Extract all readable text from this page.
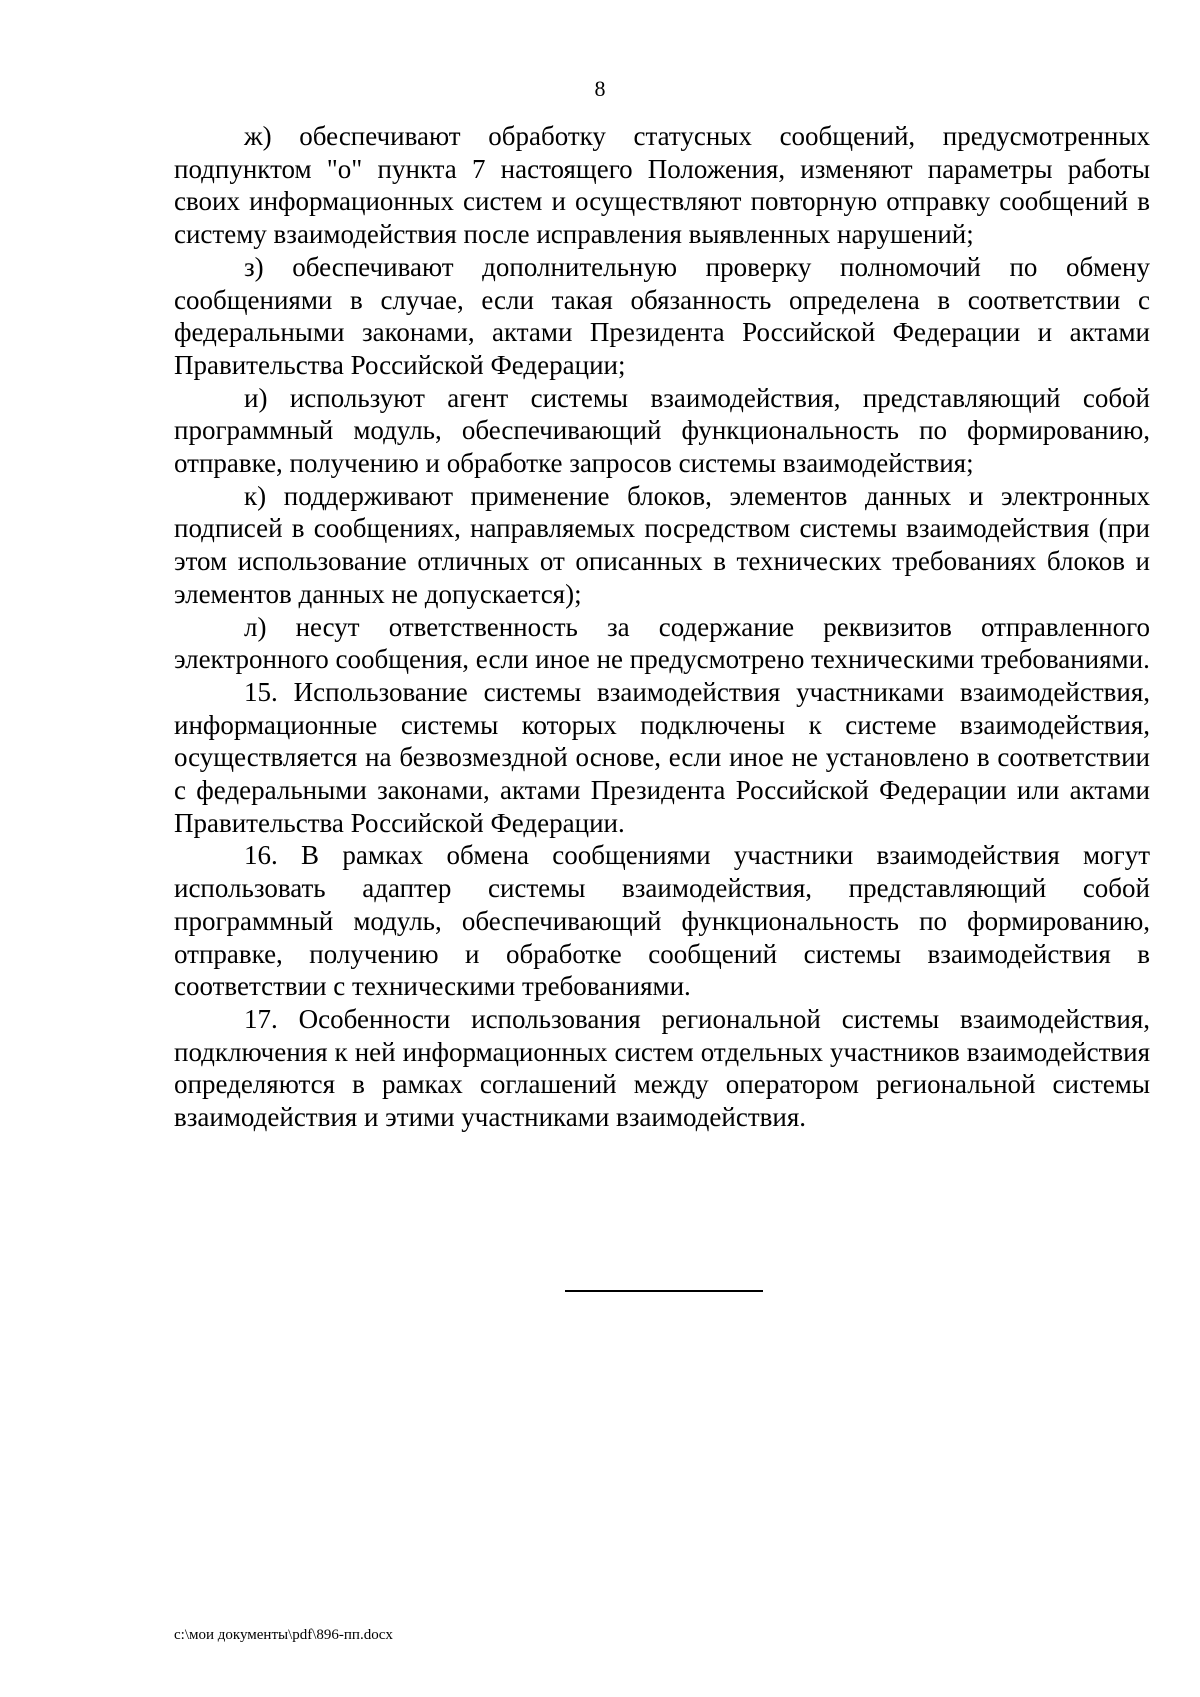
8

ж) обеспечивают обработку статусных сообщений, предусмотренных подпунктом "о" пункта 7 настоящего Положения, изменяют параметры работы своих информационных систем и осуществляют повторную отправку сообщений в систему взаимодействия после исправления выявленных нарушений;

з) обеспечивают дополнительную проверку полномочий по обмену сообщениями в случае, если такая обязанность определена в соответствии с федеральными законами, актами Президента Российской Федерации и актами Правительства Российской Федерации;

и) используют агент системы взаимодействия, представляющий собой программный модуль, обеспечивающий функциональность по формированию, отправке, получению и обработке запросов системы взаимодействия;

к) поддерживают применение блоков, элементов данных и электронных подписей в сообщениях, направляемых посредством системы взаимодействия (при этом использование отличных от описанных в технических требованиях блоков и элементов данных не допускается);

л) несут ответственность за содержание реквизитов отправленного электронного сообщения, если иное не предусмотрено техническими требованиями.

15. Использование системы взаимодействия участниками взаимодействия, информационные системы которых подключены к системе взаимодействия, осуществляется на безвозмездной основе, если иное не установлено в соответствии с федеральными законами, актами Президента Российской Федерации или актами Правительства Российской Федерации.

16. В рамках обмена сообщениями участники взаимодействия могут использовать адаптер системы взаимодействия, представляющий собой программный модуль, обеспечивающий функциональность по формированию, отправке, получению и обработке сообщений системы взаимодействия в соответствии с техническими требованиями.

17. Особенности использования региональной системы взаимодействия, подключения к ней информационных систем отдельных участников взаимодействия определяются в рамках соглашений между оператором региональной системы взаимодействия и этими участниками взаимодействия.

c:\мои документы\pdf\896-пп.docx
